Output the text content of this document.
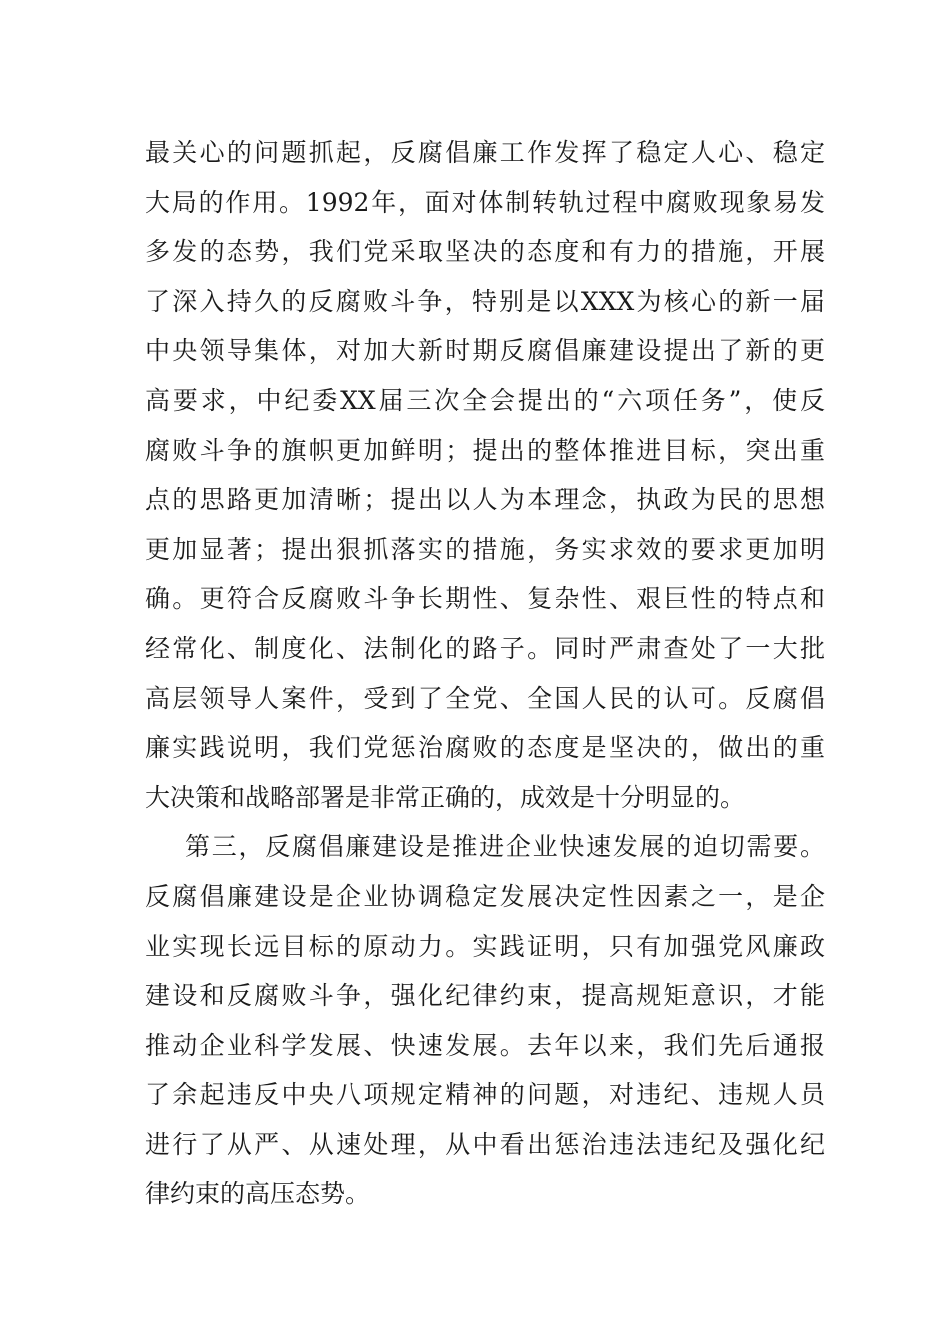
最关心的问题抓起，反腐倡廉工作发挥了稳定人心、稳定
大局的作用。1992年，面对体制转轨过程中腐败现象易发
多发的态势，我们党采取坚决的态度和有力的措施，开展
了深入持久的反腐败斗争，特别是以XXX为核心的新一届
中央领导集体，对加大新时期反腐倡廉建设提出了新的更
高要求，中纪委XX届三次全会提出的“六项任务”，使反
腐败斗争的旗帜更加鲜明；提出的整体推进目标，突出重
点的思路更加清晰；提出以人为本理念，执政为民的思想
更加显著；提出狠抓落实的措施，务实求效的要求更加明
确。更符合反腐败斗争长期性、复杂性、艰巨性的特点和
经常化、制度化、法制化的路子。同时严肃查处了一大批
高层领导人案件，受到了全党、全国人民的认可。反腐倡
廉实践说明，我们党惩治腐败的态度是坚决的，做出的重
大决策和战略部署是非常正确的，成效是十分明显的。
第三，反腐倡廉建设是推进企业快速发展的迫切需要。
反腐倡廉建设是企业协调稳定发展决定性因素之一，是企
业实现长远目标的原动力。实践证明，只有加强党风廉政
建设和反腐败斗争，强化纪律约束，提高规矩意识，才能
推动企业科学发展、快速发展。去年以来，我们先后通报
了余起违反中央八项规定精神的问题，对违纪、违规人员
进行了从严、从速处理，从中看出惩治违法违纪及强化纪
律约束的高压态势。
